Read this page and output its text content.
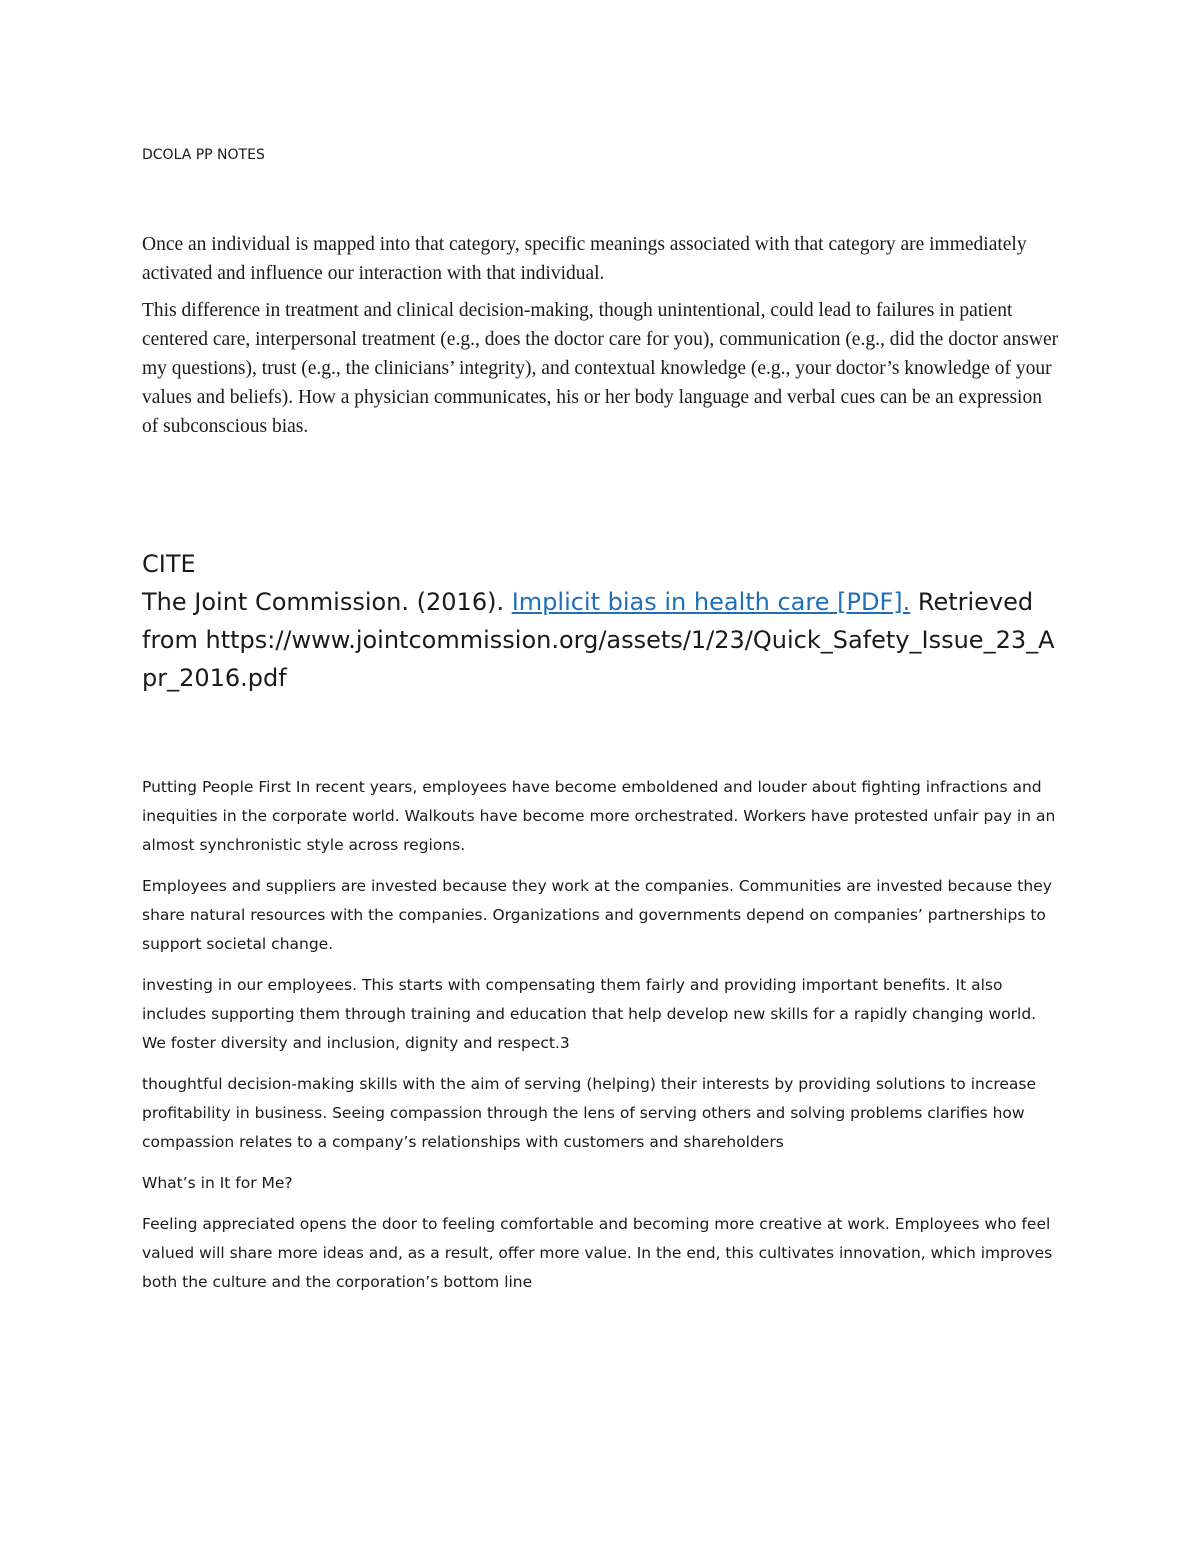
DCOLA PP NOTES

Once an individual is mapped into that category, specific meanings associated with that category are immediately activated and influence our interaction with that individual.

This difference in treatment and clinical decision-making, though unintentional, could lead to failures in patient centered care, interpersonal treatment (e.g., does the doctor care for you), communication (e.g., did the doctor answer my questions), trust (e.g., the clinicians’ integrity), and contextual knowledge (e.g., your doctor’s knowledge of your values and beliefs). How a physician communicates, his or her body language and verbal cues can be an expression of subconscious bias.

CITE
The Joint Commission. (2016). Implicit bias in health care [PDF]. Retrieved from https://www.jointcommission.org/assets/1/23/Quick_Safety_Issue_23_Apr_2016.pdf

Putting People First In recent years, employees have become emboldened and louder about fighting infractions and inequities in the corporate world. Walkouts have become more orchestrated. Workers have protested unfair pay in an almost synchronistic style across regions.

Employees and suppliers are invested because they work at the companies. Communities are invested because they share natural resources with the companies. Organizations and governments depend on companies’ partnerships to support societal change.

investing in our employees. This starts with compensating them fairly and providing important benefits. It also includes supporting them through training and education that help develop new skills for a rapidly changing world. We foster diversity and inclusion, dignity and respect.3

thoughtful decision-making skills with the aim of serving (helping) their interests by providing solutions to increase profitability in business. Seeing compassion through the lens of serving others and solving problems clarifies how compassion relates to a company’s relationships with customers and shareholders

What’s in It for Me?

Feeling appreciated opens the door to feeling comfortable and becoming more creative at work. Employees who feel valued will share more ideas and, as a result, offer more value. In the end, this cultivates innovation, which improves both the culture and the corporation’s bottom line
